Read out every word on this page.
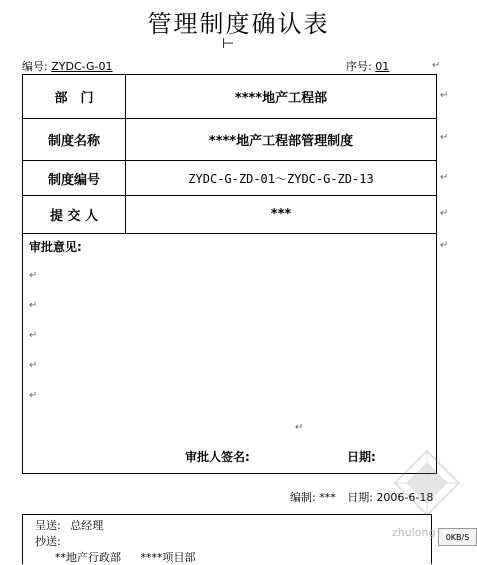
管理制度确认表
⊢
编号: ZYDC-G-01	序号: 01	↵
部　门	****地产工程部
制度名称	****地产工程部管理制度
制度编号	ZYDC-G-ZD-01～ZYDC-G-ZD-13
提 交 人	***
审批意见:
↵
↵
↵
↵
↵
↵
审批人签名:	日期:
↵
↵
↵
↵
↵
编制: *** 日期: 2006-6-18
呈送: 总经理
抄送:
**地产行政部 ****项目部
zhulong	0KB/S
